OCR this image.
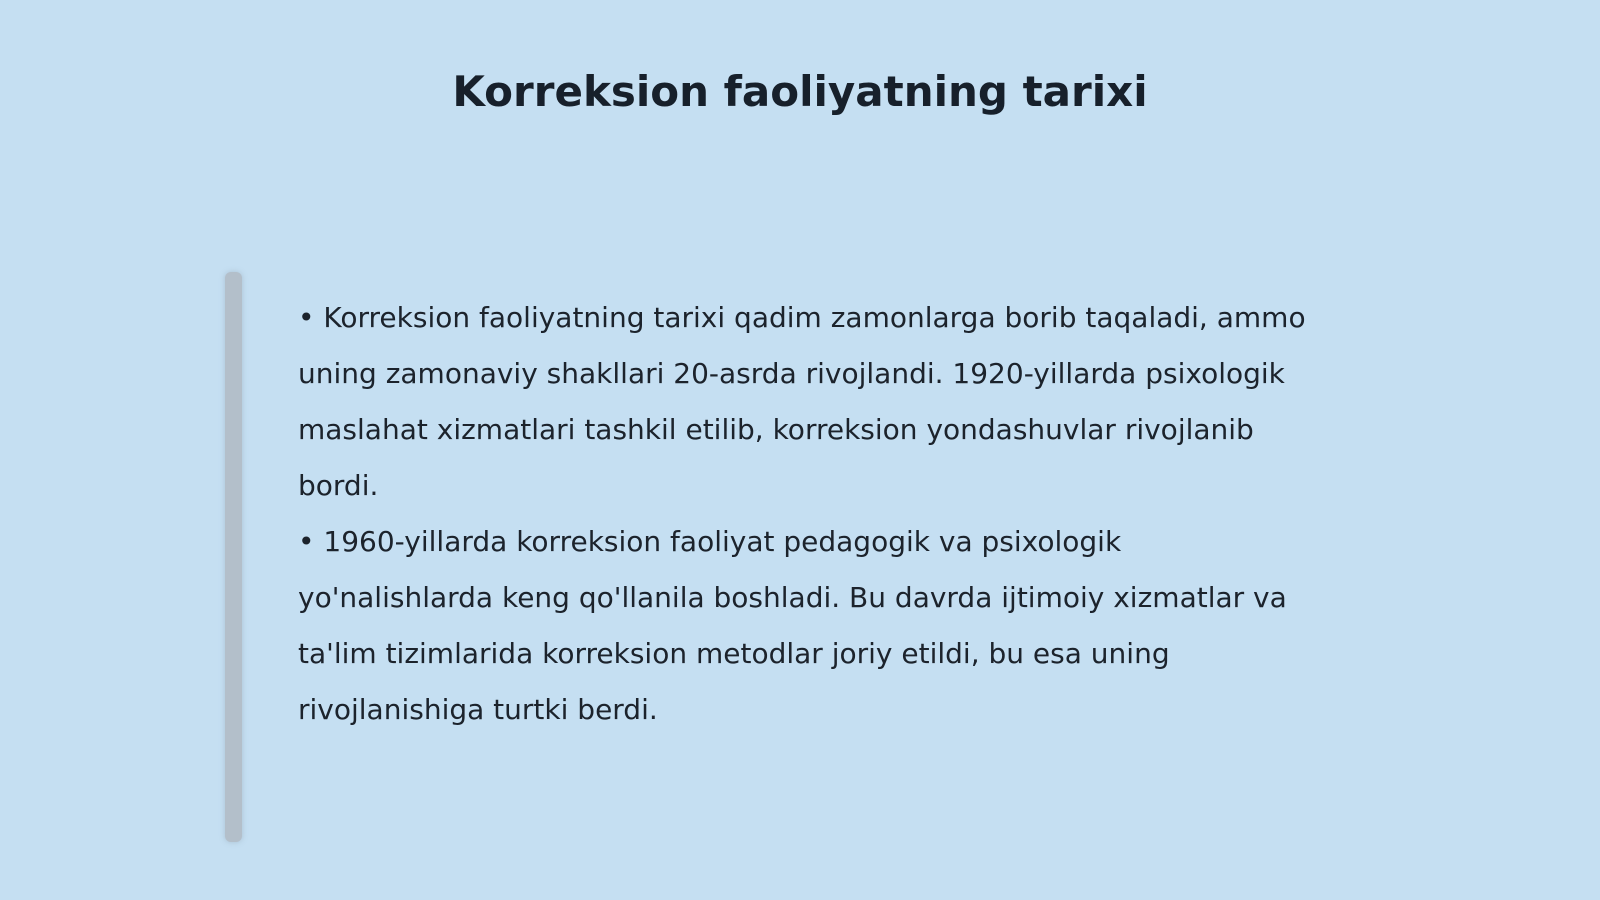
Korreksion faoliyatning tarixi

• Korreksion faoliyatning tarixi qadim zamonlarga borib taqaladi, ammo uning zamonaviy shakllari 20-asrda rivojlandi. 1920-yillarda psixologik maslahat xizmatlari tashkil etilib, korreksion yondashuvlar rivojlanib bordi.

• 1960-yillarda korreksion faoliyat pedagogik va psixologik yo'nalishlarda keng qo'llanila boshladi. Bu davrda ijtimoiy xizmatlar va ta'lim tizimlarida korreksion metodlar joriy etildi, bu esa uning rivojlanishiga turtki berdi.
